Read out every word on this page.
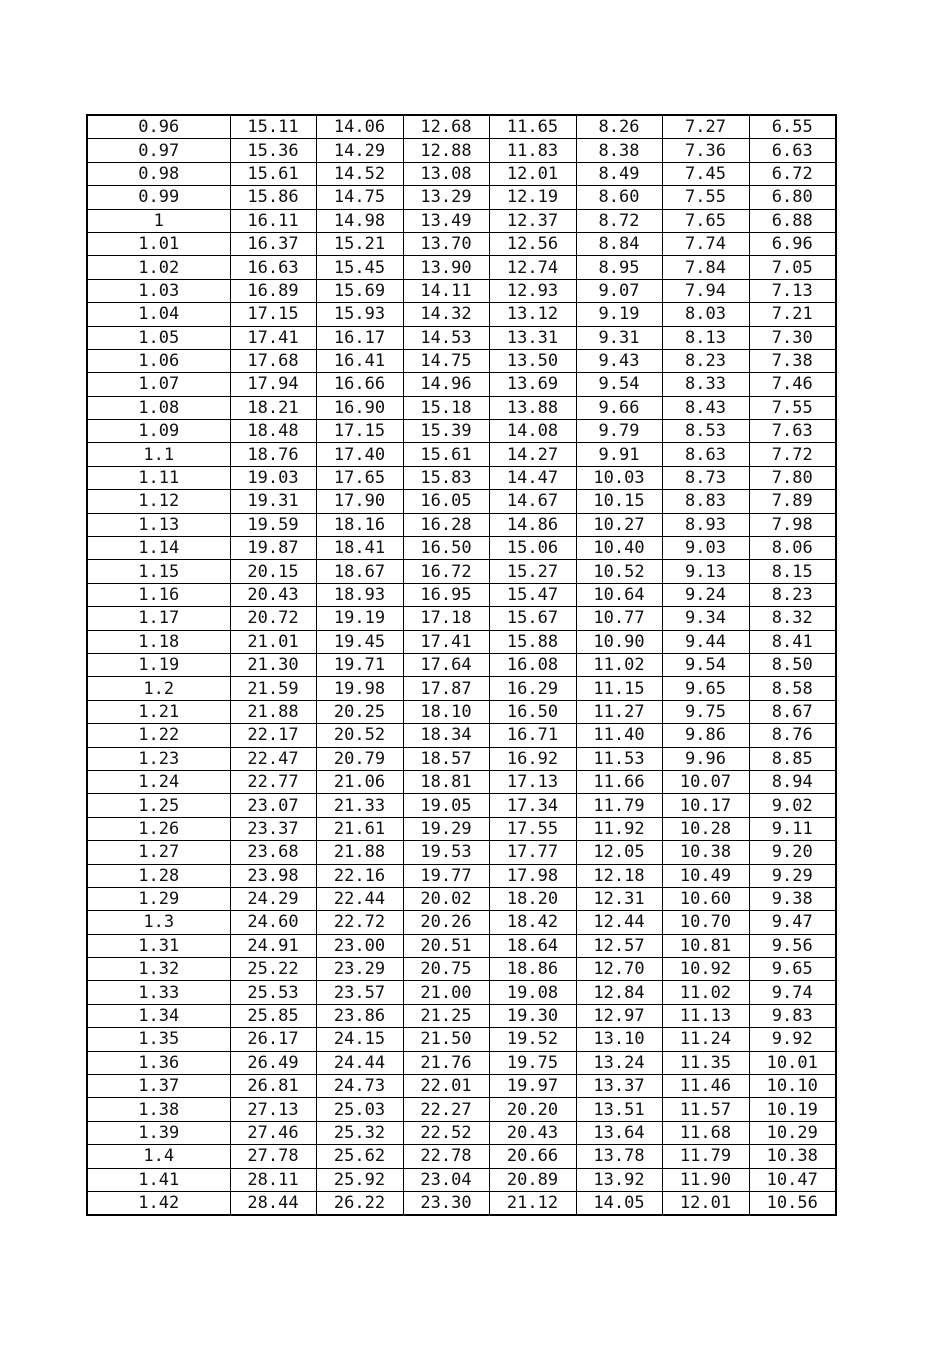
0.96	15.11	14.06	12.68	11.65	8.26	7.27	6.55
0.97	15.36	14.29	12.88	11.83	8.38	7.36	6.63
0.98	15.61	14.52	13.08	12.01	8.49	7.45	6.72
0.99	15.86	14.75	13.29	12.19	8.60	7.55	6.80
1	16.11	14.98	13.49	12.37	8.72	7.65	6.88
1.01	16.37	15.21	13.70	12.56	8.84	7.74	6.96
1.02	16.63	15.45	13.90	12.74	8.95	7.84	7.05
1.03	16.89	15.69	14.11	12.93	9.07	7.94	7.13
1.04	17.15	15.93	14.32	13.12	9.19	8.03	7.21
1.05	17.41	16.17	14.53	13.31	9.31	8.13	7.30
1.06	17.68	16.41	14.75	13.50	9.43	8.23	7.38
1.07	17.94	16.66	14.96	13.69	9.54	8.33	7.46
1.08	18.21	16.90	15.18	13.88	9.66	8.43	7.55
1.09	18.48	17.15	15.39	14.08	9.79	8.53	7.63
1.1	18.76	17.40	15.61	14.27	9.91	8.63	7.72
1.11	19.03	17.65	15.83	14.47	10.03	8.73	7.80
1.12	19.31	17.90	16.05	14.67	10.15	8.83	7.89
1.13	19.59	18.16	16.28	14.86	10.27	8.93	7.98
1.14	19.87	18.41	16.50	15.06	10.40	9.03	8.06
1.15	20.15	18.67	16.72	15.27	10.52	9.13	8.15
1.16	20.43	18.93	16.95	15.47	10.64	9.24	8.23
1.17	20.72	19.19	17.18	15.67	10.77	9.34	8.32
1.18	21.01	19.45	17.41	15.88	10.90	9.44	8.41
1.19	21.30	19.71	17.64	16.08	11.02	9.54	8.50
1.2	21.59	19.98	17.87	16.29	11.15	9.65	8.58
1.21	21.88	20.25	18.10	16.50	11.27	9.75	8.67
1.22	22.17	20.52	18.34	16.71	11.40	9.86	8.76
1.23	22.47	20.79	18.57	16.92	11.53	9.96	8.85
1.24	22.77	21.06	18.81	17.13	11.66	10.07	8.94
1.25	23.07	21.33	19.05	17.34	11.79	10.17	9.02
1.26	23.37	21.61	19.29	17.55	11.92	10.28	9.11
1.27	23.68	21.88	19.53	17.77	12.05	10.38	9.20
1.28	23.98	22.16	19.77	17.98	12.18	10.49	9.29
1.29	24.29	22.44	20.02	18.20	12.31	10.60	9.38
1.3	24.60	22.72	20.26	18.42	12.44	10.70	9.47
1.31	24.91	23.00	20.51	18.64	12.57	10.81	9.56
1.32	25.22	23.29	20.75	18.86	12.70	10.92	9.65
1.33	25.53	23.57	21.00	19.08	12.84	11.02	9.74
1.34	25.85	23.86	21.25	19.30	12.97	11.13	9.83
1.35	26.17	24.15	21.50	19.52	13.10	11.24	9.92
1.36	26.49	24.44	21.76	19.75	13.24	11.35	10.01
1.37	26.81	24.73	22.01	19.97	13.37	11.46	10.10
1.38	27.13	25.03	22.27	20.20	13.51	11.57	10.19
1.39	27.46	25.32	22.52	20.43	13.64	11.68	10.29
1.4	27.78	25.62	22.78	20.66	13.78	11.79	10.38
1.41	28.11	25.92	23.04	20.89	13.92	11.90	10.47
1.42	28.44	26.22	23.30	21.12	14.05	12.01	10.56
